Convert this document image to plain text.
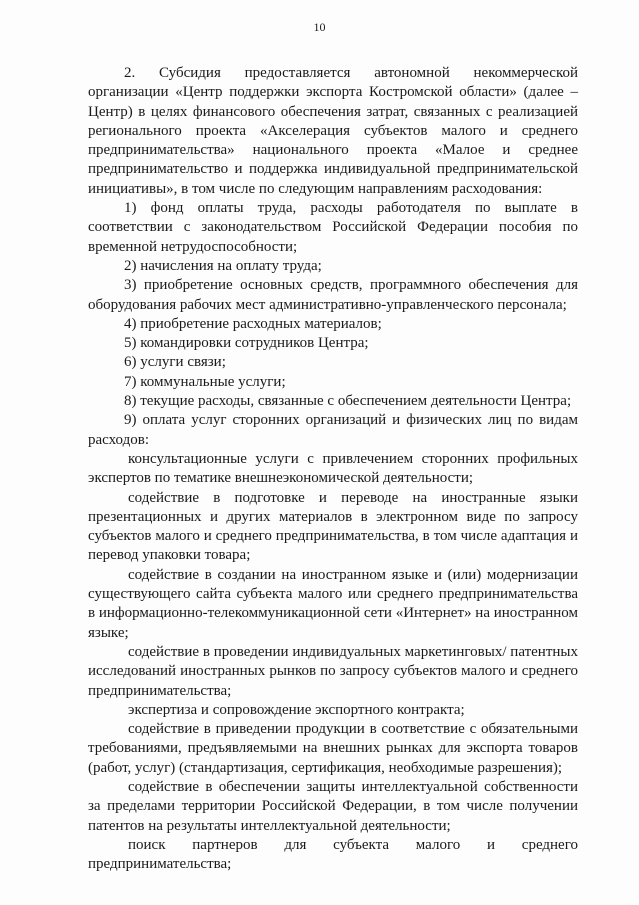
10

2. Субсидия предоставляется автономной некоммерческой организации «Центр поддержки экспорта Костромской области» (далее – Центр) в целях финансового обеспечения затрат, связанных с реализацией регионального проекта «Акселерация субъектов малого и среднего предпринимательства» национального проекта «Малое и среднее предпринимательство и поддержка индивидуальной предпринимательской инициативы», в том числе по следующим направлениям расходования:

1) фонд оплаты труда, расходы работодателя по выплате в соответствии с законодательством Российской Федерации пособия по временной нетрудоспособности;

2) начисления на оплату труда;

3) приобретение основных средств, программного обеспечения для оборудования рабочих мест административно-управленческого персонала;

4) приобретение расходных материалов;

5) командировки сотрудников Центра;

6) услуги связи;

7) коммунальные услуги;

8) текущие расходы, связанные с обеспечением деятельности Центра;

9) оплата услуг сторонних организаций и физических лиц по видам расходов:

консультационные услуги с привлечением сторонних профильных экспертов по тематике внешнеэкономической деятельности;

содействие в подготовке и переводе на иностранные языки презентационных и других материалов в электронном виде по запросу субъектов малого и среднего предпринимательства, в том числе адаптация и перевод упаковки товара;

содействие в создании на иностранном языке и (или) модернизации существующего сайта субъекта малого или среднего предпринимательства в информационно-телекоммуникационной сети «Интернет» на иностранном языке;

содействие в проведении индивидуальных маркетинговых/ патентных исследований иностранных рынков по запросу субъектов малого и среднего предпринимательства;

экспертиза и сопровождение экспортного контракта;

содействие в приведении продукции в соответствие с обязательными требованиями, предъявляемыми на внешних рынках для экспорта товаров (работ, услуг) (стандартизация, сертификация, необходимые разрешения);

содействие в обеспечении защиты интеллектуальной собственности за пределами территории Российской Федерации, в том числе получении патентов на результаты интеллектуальной деятельности;

поиск партнеров для субъекта малого и среднего предпринимательства;
